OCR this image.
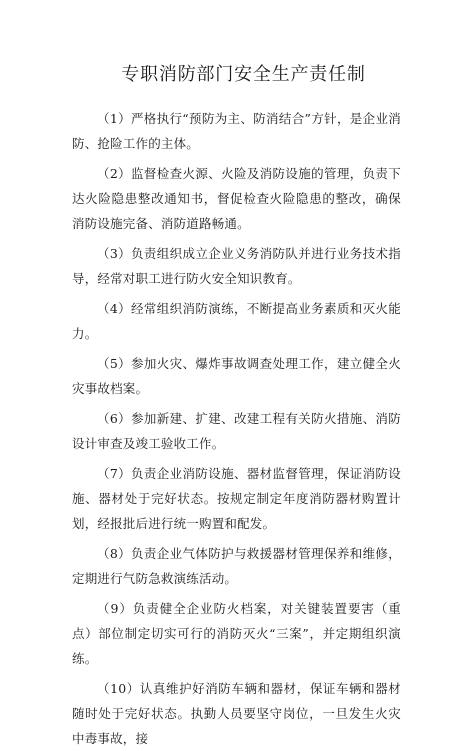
专职消防部门安全生产责任制
（1）严格执行“预防为主、防消结合”方针，是企业消防、抢险工作的主体。
（2）监督检查火源、火险及消防设施的管理，负责下达火险隐患整改通知书，督促检查火险隐患的整改，确保消防设施完备、消防道路畅通。
（3）负责组织成立企业义务消防队并进行业务技术指导，经常对职工进行防火安全知识教育。
（4）经常组织消防演练，不断提高业务素质和灭火能力。
（5）参加火灾、爆炸事故调查处理工作，建立健全火灾事故档案。
（6）参加新建、扩建、改建工程有关防火措施、消防设计审查及竣工验收工作。
（7）负责企业消防设施、器材监督管理，保证消防设施、器材处于完好状态。按规定制定年度消防器材购置计划，经报批后进行统一购置和配发。
（8）负责企业气体防护与救援器材管理保养和维修，定期进行气防急救演练活动。
（9）负责健全企业防火档案，对关键装置要害（重点）部位制定切实可行的消防灭火“三案”，并定期组织演练。
（10）认真维护好消防车辆和器材，保证车辆和器材随时处于完好状态。执勤人员要坚守岗位，一旦发生火灾中毒事故，接
